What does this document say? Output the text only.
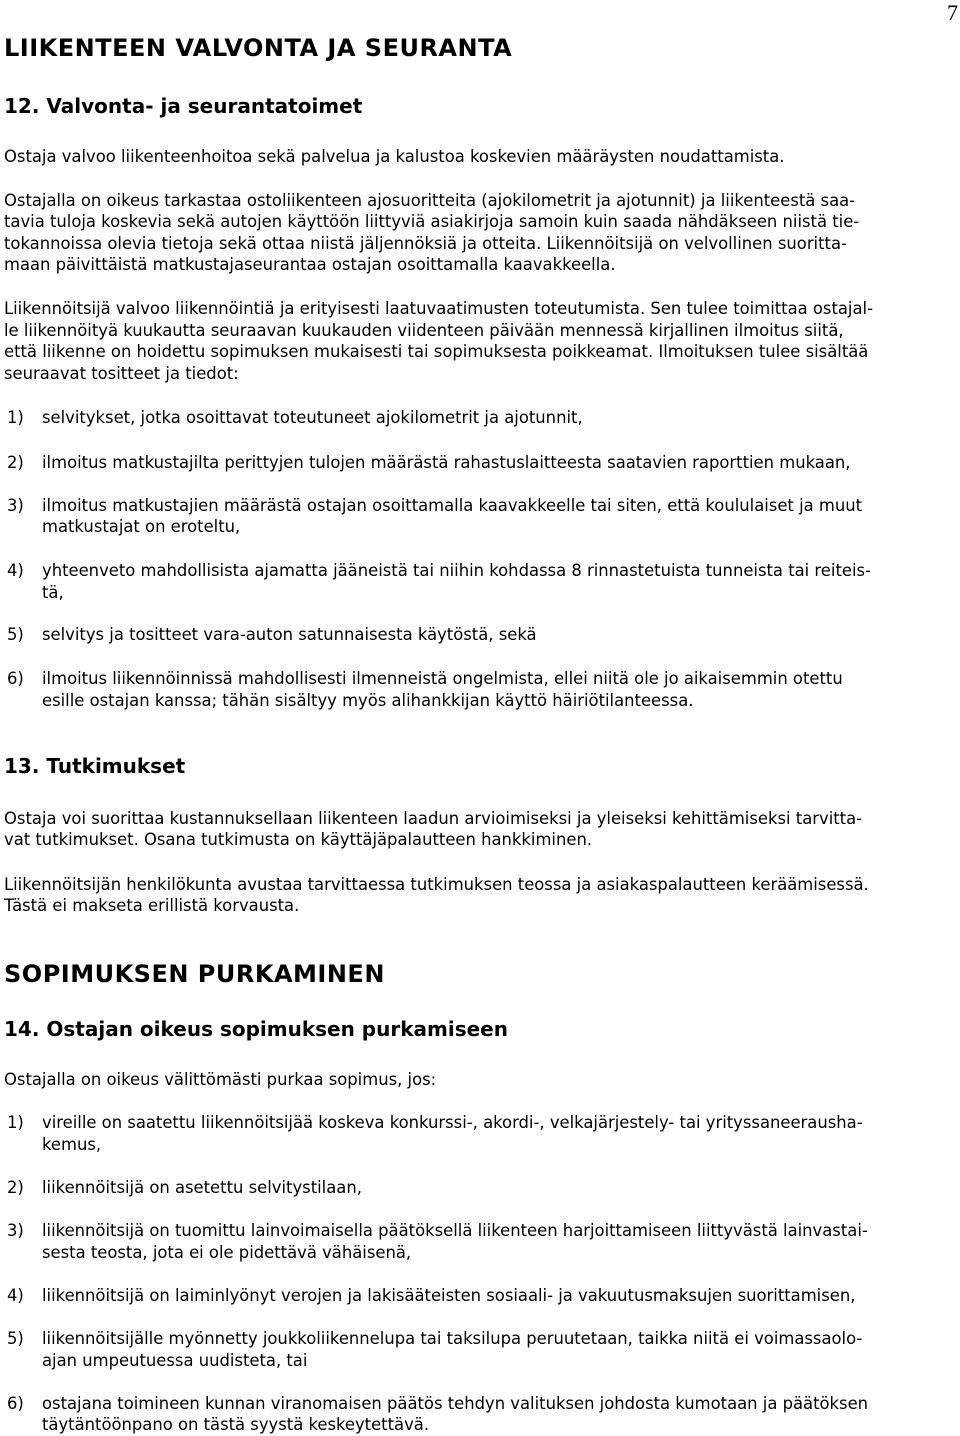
7
LIIKENTEEN VALVONTA JA SEURANTA
12. Valvonta- ja seurantatoimet

Ostaja valvoo liikenteenhoitoa sekä palvelua ja kalustoa koskevien määräysten noudattamista.

Ostajalla on oikeus tarkastaa ostoliikenteen ajosuoritteita (ajokilometrit ja ajotunnit) ja liikenteestä saa-

tavia tuloja koskevia sekä autojen käyttöön liittyviä asiakirjoja samoin kuin saada nähdäkseen niistä tie-

tokannoissa olevia tietoja sekä ottaa niistä jäljennöksiä ja otteita. Liikennöitsijä on velvollinen suoritta-

maan päivittäistä matkustajaseurantaa ostajan osoittamalla kaavakkeella.

Liikennöitsijä valvoo liikennöintiä ja erityisesti laatuvaatimusten toteutumista. Sen tulee toimittaa ostajal-

le liikennöityä kuukautta seuraavan kuukauden viidenteen päivään mennessä kirjallinen ilmoitus siitä,

että liikenne on hoidettu sopimuksen mukaisesti tai sopimuksesta poikkeamat. Ilmoituksen tulee sisältää

seuraavat tositteet ja tiedot:

1) selvitykset, jotka osoittavat toteutuneet ajokilometrit ja ajotunnit,
2) ilmoitus matkustajilta perittyjen tulojen määrästä rahastuslaitteesta saatavien raporttien mukaan,
3) ilmoitus matkustajien määrästä ostajan osoittamalla kaavakkeelle tai siten, että koululaiset ja muut
matkustajat on eroteltu,
4) yhteenveto mahdollisista ajamatta jääneistä tai niihin kohdassa 8 rinnastetuista tunneista tai reiteis-
tä,
5) selvitys ja tositteet vara-auton satunnaisesta käytöstä, sekä
6) ilmoitus liikennöinnissä mahdollisesti ilmenneistä ongelmista, ellei niitä ole jo aikaisemmin otettu
esille ostajan kanssa; tähän sisältyy myös alihankkijan käyttö häiriötilanteessa.
13. Tutkimukset

Ostaja voi suorittaa kustannuksellaan liikenteen laadun arvioimiseksi ja yleiseksi kehittämiseksi tarvitta-

vat tutkimukset. Osana tutkimusta on käyttäjäpalautteen hankkiminen.

Liikennöitsijän henkilökunta avustaa tarvittaessa tutkimuksen teossa ja asiakaspalautteen keräämisessä.

Tästä ei makseta erillistä korvausta.

SOPIMUKSEN PURKAMINEN
14. Ostajan oikeus sopimuksen purkamiseen

Ostajalla on oikeus välittömästi purkaa sopimus, jos:

1) vireille on saatettu liikennöitsijää koskeva konkurssi-, akordi-, velkajärjestely- tai yrityssaneerausha-
kemus,
2) liikennöitsijä on asetettu selvitystilaan,
3) liikennöitsijä on tuomittu lainvoimaisella päätöksellä liikenteen harjoittamiseen liittyvästä lainvastai-
sesta teosta, jota ei ole pidettävä vähäisenä,
4) liikennöitsijä on laiminlyönyt verojen ja lakisääteisten sosiaali- ja vakuutusmaksujen suorittamisen,
5) liikennöitsijälle myönnetty joukkoliikennelupa tai taksilupa peruutetaan, taikka niitä ei voimassaolo-
ajan umpeutuessa uudisteta, tai
6) ostajana toimineen kunnan viranomaisen päätös tehdyn valituksen johdosta kumotaan ja päätöksen
täytäntöönpano on tästä syystä keskeytettävä.
